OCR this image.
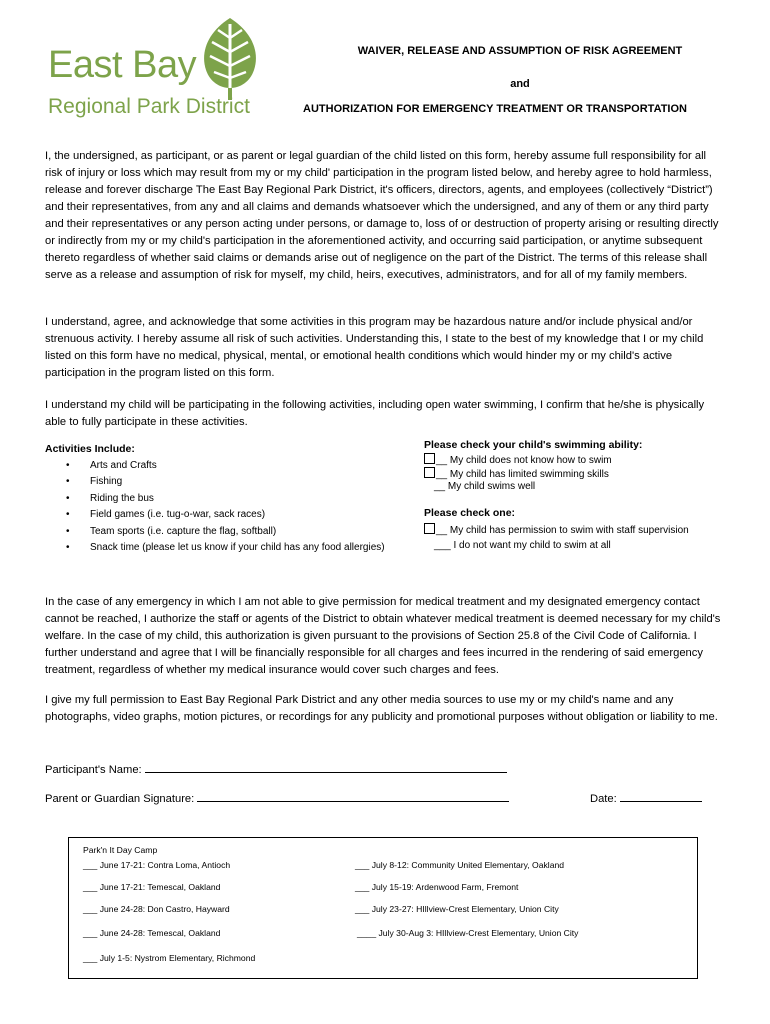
East Bay
Regional Park District
WAIVER, RELEASE AND ASSUMPTION OF RISK AGREEMENT
and
AUTHORIZATION FOR EMERGENCY TREATMENT OR TRANSPORTATION
I, the undersigned, as participant, or as parent or legal guardian of the child listed on this form, hereby assume full responsibility for all risk of injury or loss which may result from my or my child' participation in the program listed below, and hereby agree to hold harmless, release and forever discharge The East Bay Regional Park District, it's officers, directors, agents, and employees (collectively “District”) and their representatives, from any and all claims and demands whatsoever which the undersigned, and any of them or any third party and their representatives or any person acting under persons, or damage to, loss of or destruction of property arising or resulting directly or indirectly from my or my child's participation in the aforementioned activity, and occurring said participation, or anytime subsequent thereto regardless of whether said claims or demands arise out of negligence on the part of the District. The terms of this release shall serve as a release and assumption of risk for myself, my child, heirs, executives, administrators, and for all of my family members.
I understand, agree, and acknowledge that some activities in this program may be hazardous nature and/or include physical and/or strenuous activity. I hereby assume all risk of such activities. Understanding this, I state to the best of my knowledge that I or my child listed on this form have no medical, physical, mental, or emotional health conditions which would hinder my or my child's active participation in the program listed on this form.
I understand my child will be participating in the following activities, including open water swimming, I confirm that he/she is physically able to fully participate in these activities.
Activities Include:
• Arts and Crafts
• Fishing
• Riding the bus
• Field games (i.e. tug-o-war, sack races)
• Team sports (i.e. capture the flag, softball)
• Snack time (please let us know if your child has any food allergies)
Please check your child's swimming ability:
__ My child does not know how to swim
__ My child has limited swimming skills
__ My child swims well
Please check one:
__ My child has permission to swim with staff supervision
___ I do not want my child to swim at all
In the case of any emergency in which I am not able to give permission for medical treatment and my designated emergency contact cannot be reached, I authorize the staff or agents of the District to obtain whatever medical treatment is deemed necessary for my child's welfare. In the case of my child, this authorization is given pursuant to the provisions of Section 25.8 of the Civil Code of California. I further understand and agree that I will be financially responsible for all charges and fees incurred in the rendering of said emergency treatment, regardless of whether my medical insurance would cover such charges and fees.
I give my full permission to East Bay Regional Park District and any other media sources to use my or my child's name and any photographs, video graphs, motion pictures, or recordings for any publicity and promotional purposes without obligation or liability to me.
Participant's Name:
Parent or Guardian Signature:	Date:
Park'n It Day Camp
___ June 17-21: Contra Loma, Antioch
___ June 17-21: Temescal, Oakland
___ June 24-28: Don Castro, Hayward
___ June 24-28: Temescal, Oakland
___ July 1-5: Nystrom Elementary, Richmond
___ July 8-12: Community United Elementary, Oakland
___ July 15-19: Ardenwood Farm, Fremont
___ July 23-27: HIllview-Crest Elementary, Union City
____ July 30-Aug 3: HIllview-Crest Elementary, Union City
